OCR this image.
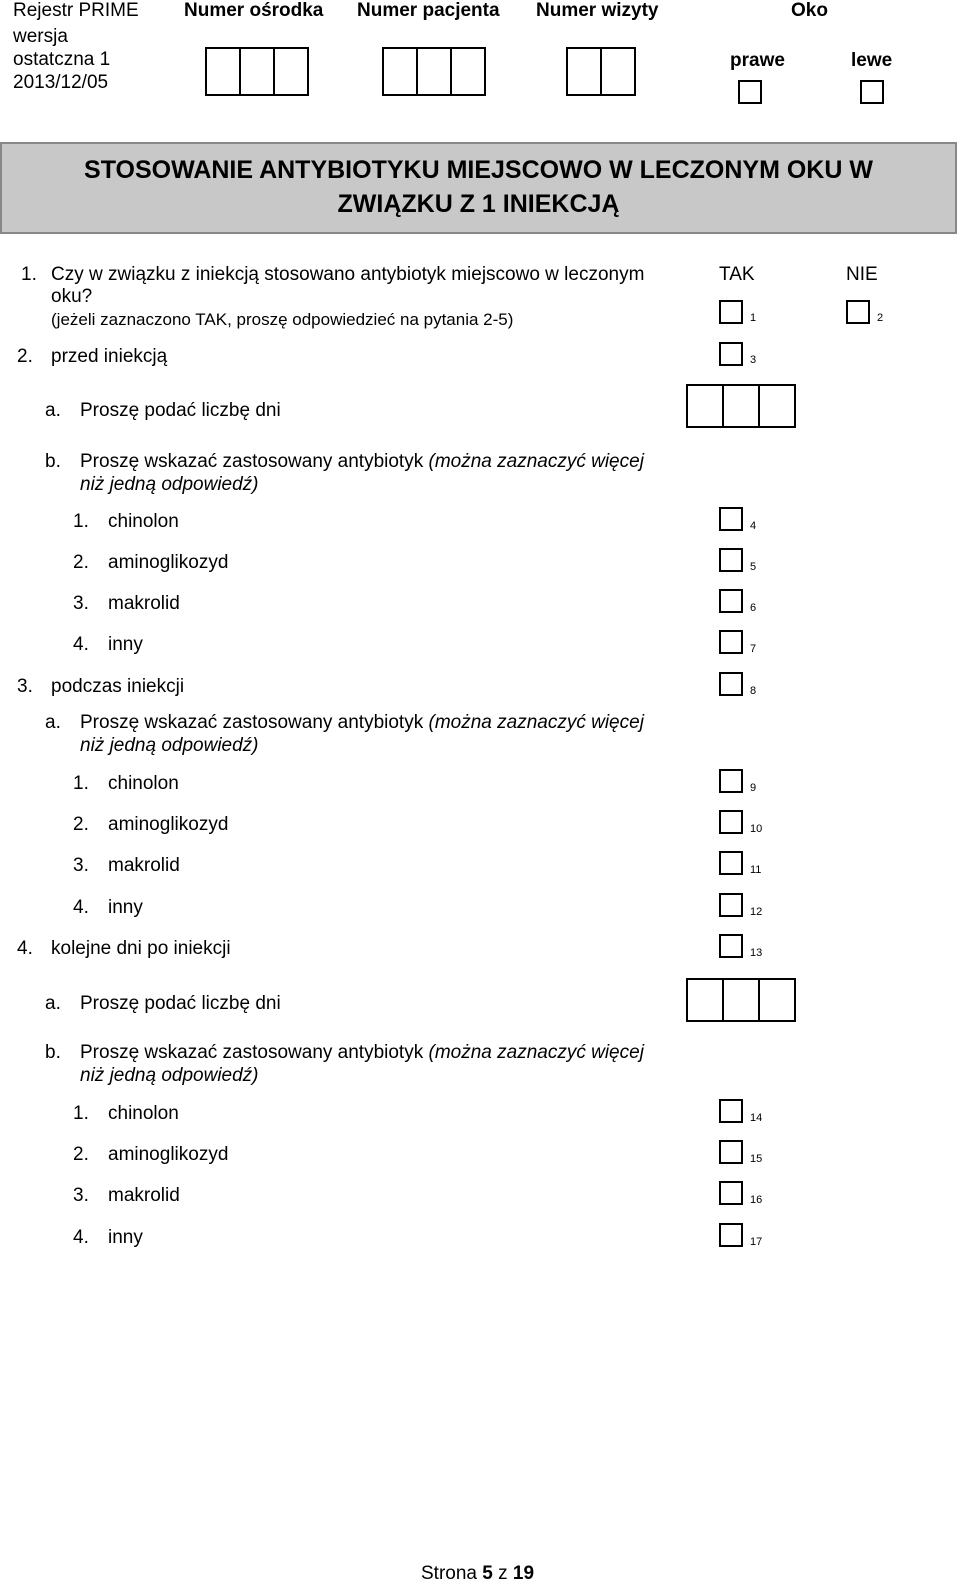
Rejestr PRIME Numer ośrodka Numer pacjenta Numer wizyty	Oko
wersja
ostatczna 1
2013/12/05
prawe	lewe
STOSOWANIE ANTYBIOTYKU MIEJSCOWO W LECZONYM OKU W
ZWIĄZKU Z 1 INIEKCJĄ
TAK	NIE
1. Czy w związku z iniekcją stosowano antybiotyk miejscowo w leczonym
oku?
(jeżeli zaznaczono TAK, proszę odpowiedzieć na pytania 2-5)	1	2
2. przed iniekcją	3
a. Proszę podać liczbę dni
b. Proszę wskazać zastosowany antybiotyk (można zaznaczyć więcej
niż jedną odpowiedź)
1. chinolon	4
2. aminoglikozyd	5
3. makrolid	6
4. inny	7
3. podczas iniekcji	8
a. Proszę wskazać zastosowany antybiotyk (można zaznaczyć więcej
niż jedną odpowiedź)
1. chinolon	9
2. aminoglikozyd	10
3. makrolid	11
4. inny	12
4. kolejne dni po iniekcji	13
a. Proszę podać liczbę dni
b. Proszę wskazać zastosowany antybiotyk (można zaznaczyć więcej
niż jedną odpowiedź)
1. chinolon	14
2. aminoglikozyd	15
3. makrolid	16
4. inny	17
Strona 5 z 19
